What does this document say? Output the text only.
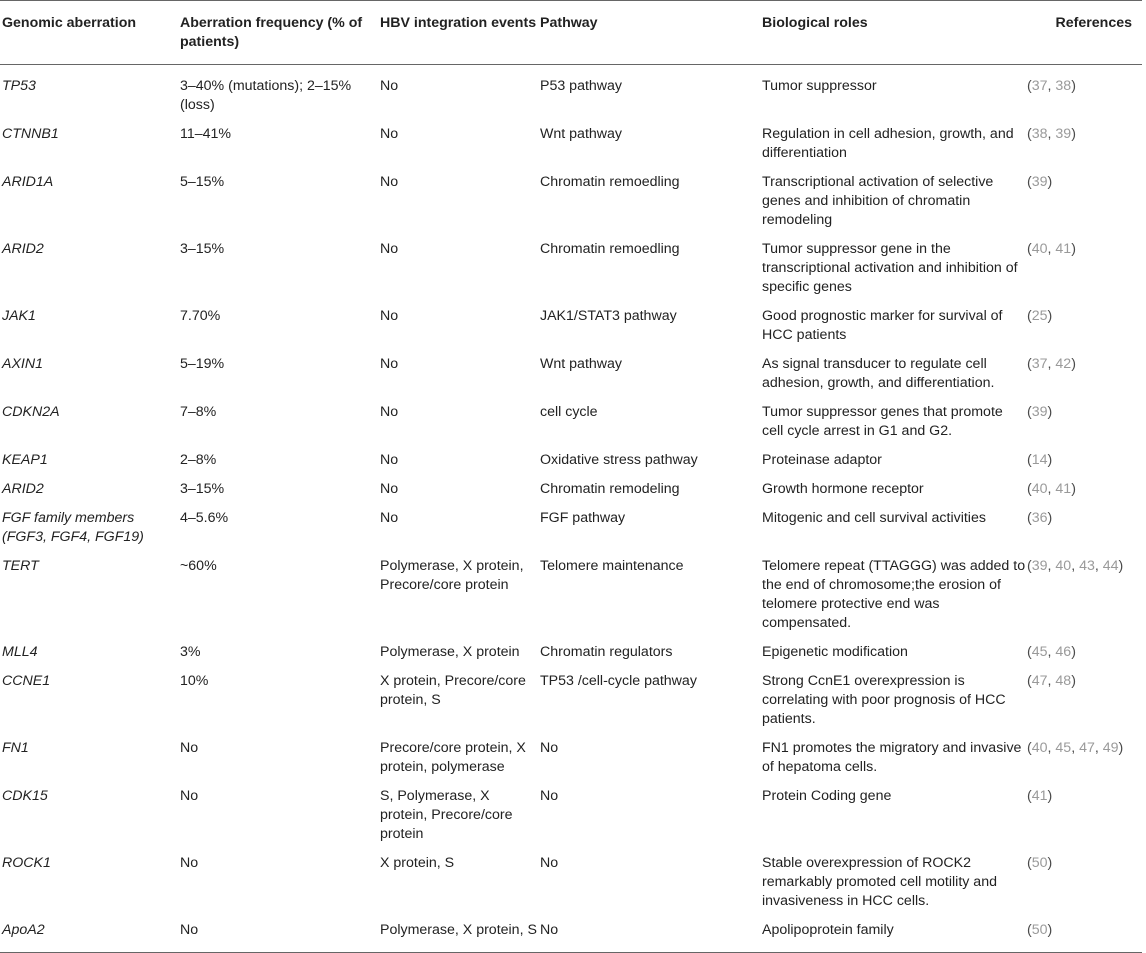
Genomic aberration	Aberration frequency (% of patients)	HBV integration events	Pathway	Biological roles	References
TP53	3–40% (mutations); 2–15% (loss)	No	P53 pathway	Tumor suppressor	(37, 38)
CTNNB1	11–41%	No	Wnt pathway	Regulation in cell adhesion, growth, and differentiation	(38, 39)
ARID1A	5–15%	No	Chromatin remoedling	Transcriptional activation of selective genes and inhibition of chromatin remodeling	(39)
ARID2	3–15%	No	Chromatin remoedling	Tumor suppressor gene in the transcriptional activation and inhibition of specific genes	(40, 41)
JAK1	7.70%	No	JAK1/STAT3 pathway	Good prognostic marker for survival of HCC patients	(25)
AXIN1	5–19%	No	Wnt pathway	As signal transducer to regulate cell adhesion, growth, and differentiation.	(37, 42)
CDKN2A	7–8%	No	cell cycle	Tumor suppressor genes that promote cell cycle arrest in G1 and G2.	(39)
KEAP1	2–8%	No	Oxidative stress pathway	Proteinase adaptor	(14)
ARID2	3–15%	No	Chromatin remodeling	Growth hormone receptor	(40, 41)
FGF family members (FGF3, FGF4, FGF19)	4–5.6%	No	FGF pathway	Mitogenic and cell survival activities	(36)
TERT	~60%	Polymerase, X protein, Precore/core protein	Telomere maintenance	Telomere repeat (TTAGGG) was added to the end of chromosome;the erosion of telomere protective end was compensated.	(39, 40, 43, 44)
MLL4	3%	Polymerase, X protein	Chromatin regulators	Epigenetic modification	(45, 46)
CCNE1	10%	X protein, Precore/core protein, S	TP53 /cell-cycle pathway	Strong CcnE1 overexpression is correlating with poor prognosis of HCC patients.	(47, 48)
FN1	No	Precore/core protein, X protein, polymerase	No	FN1 promotes the migratory and invasive of hepatoma cells.	(40, 45, 47, 49)
CDK15	No	S, Polymerase, X protein, Precore/core protein	No	Protein Coding gene	(41)
ROCK1	No	X protein, S	No	Stable overexpression of ROCK2 remarkably promoted cell motility and invasiveness in HCC cells.	(50)
ApoA2	No	Polymerase, X protein, S	No	Apolipoprotein family	(50)
